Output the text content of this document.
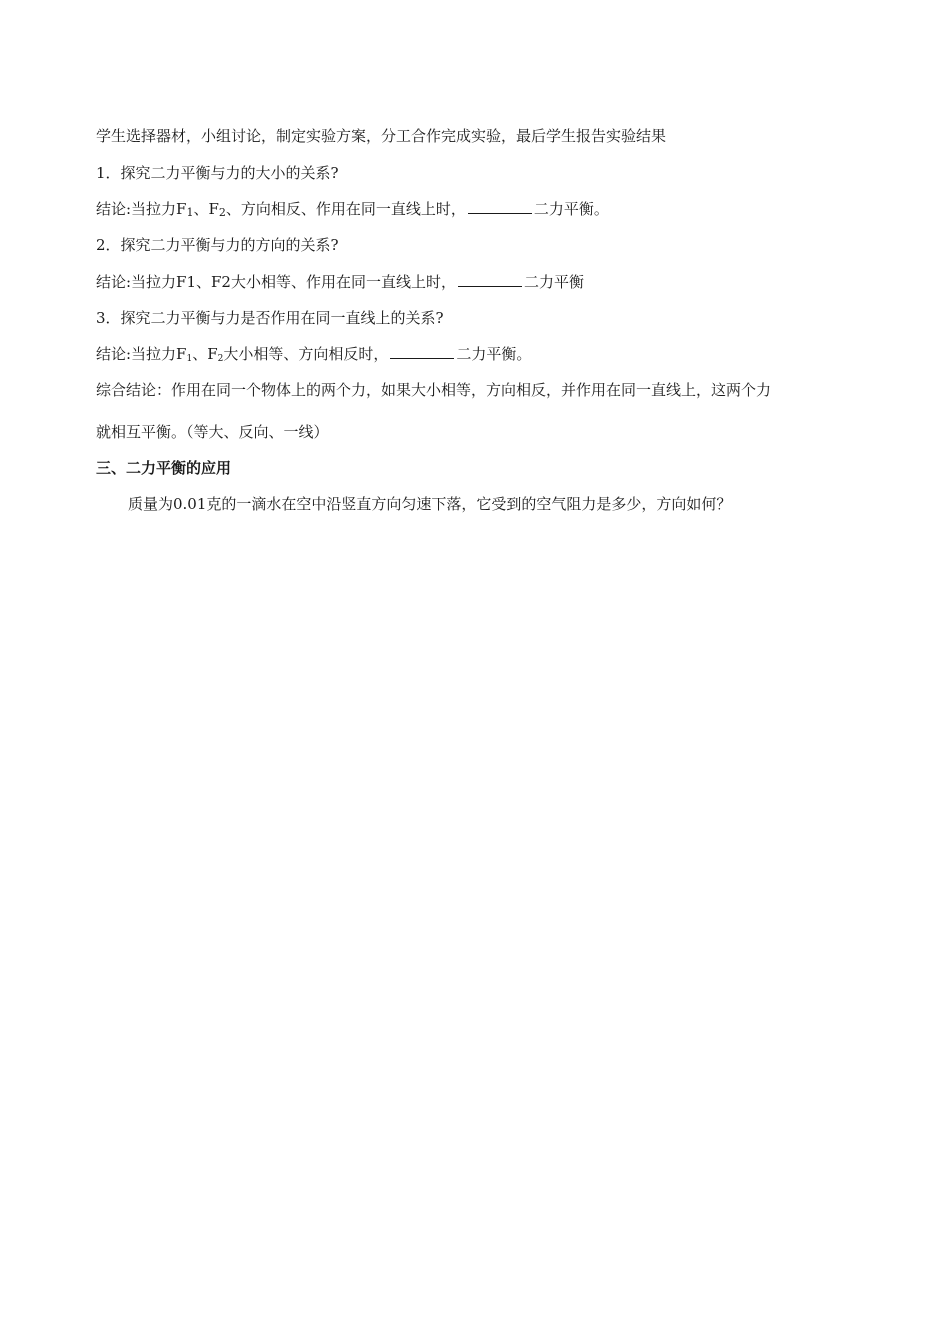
学生选择器材，小组讨论，制定实验方案，分工合作完成实验，最后学生报告实验结果
1．探究二力平衡与力的大小的关系?
结论:当拉力F1、F2、方向相反、作用在同一直线上时，	二力平衡。
2．探究二力平衡与力的方向的关系?
结论:当拉力F1、F2大小相等、作用在同一直线上时，	二力平衡
3．探究二力平衡与力是否作用在同一直线上的关系?
结论:当拉力F1、F2大小相等、方向相反时，	二力平衡。
综合结论：作用在同一个物体上的两个力，如果大小相等，方向相反，并作用在同一直线上，这两个力
就相互平衡。（等大、反向、一线）
三、二力平衡的应用
质量为0.01克的一滴水在空中沿竖直方向匀速下落，它受到的空气阻力是多少，方向如何？
